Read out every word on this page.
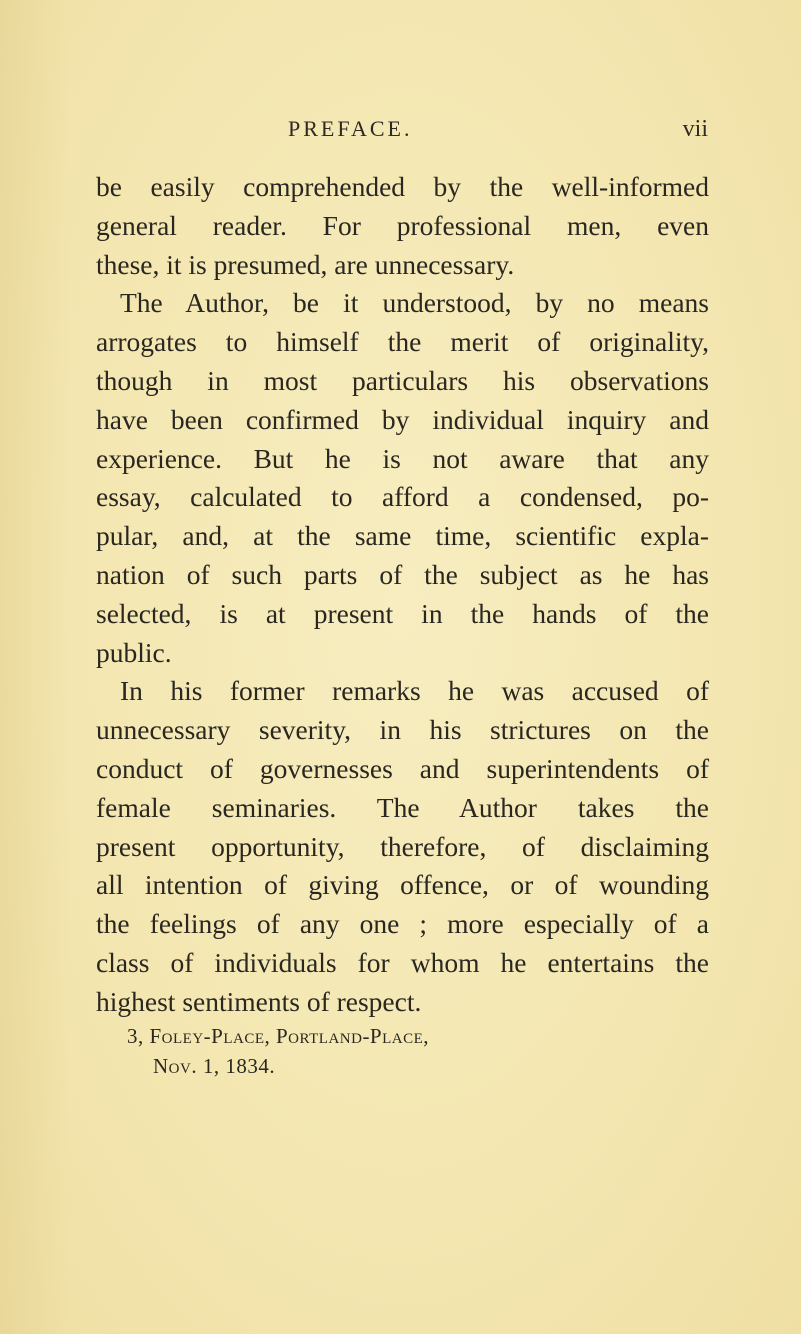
PREFACE.	vii
be easily comprehended by the well-informed
general reader. For professional men, even
these, it is presumed, are unnecessary.
The Author, be it understood, by no means
arrogates to himself the merit of originality,
though in most particulars his observations
have been confirmed by individual inquiry and
experience. But he is not aware that any
essay, calculated to afford a condensed, po-
pular, and, at the same time, scientific expla-
nation of such parts of the subject as he has
selected, is at present in the hands of the
public.
In his former remarks he was accused of
unnecessary severity, in his strictures on the
conduct of governesses and superintendents of
female seminaries. The Author takes the
present opportunity, therefore, of disclaiming
all intention of giving offence, or of wounding
the feelings of any one ; more especially of a
class of individuals for whom he entertains the
highest sentiments of respect.
3, Foley-Place, Portland-Place,
Nov. 1, 1834.
